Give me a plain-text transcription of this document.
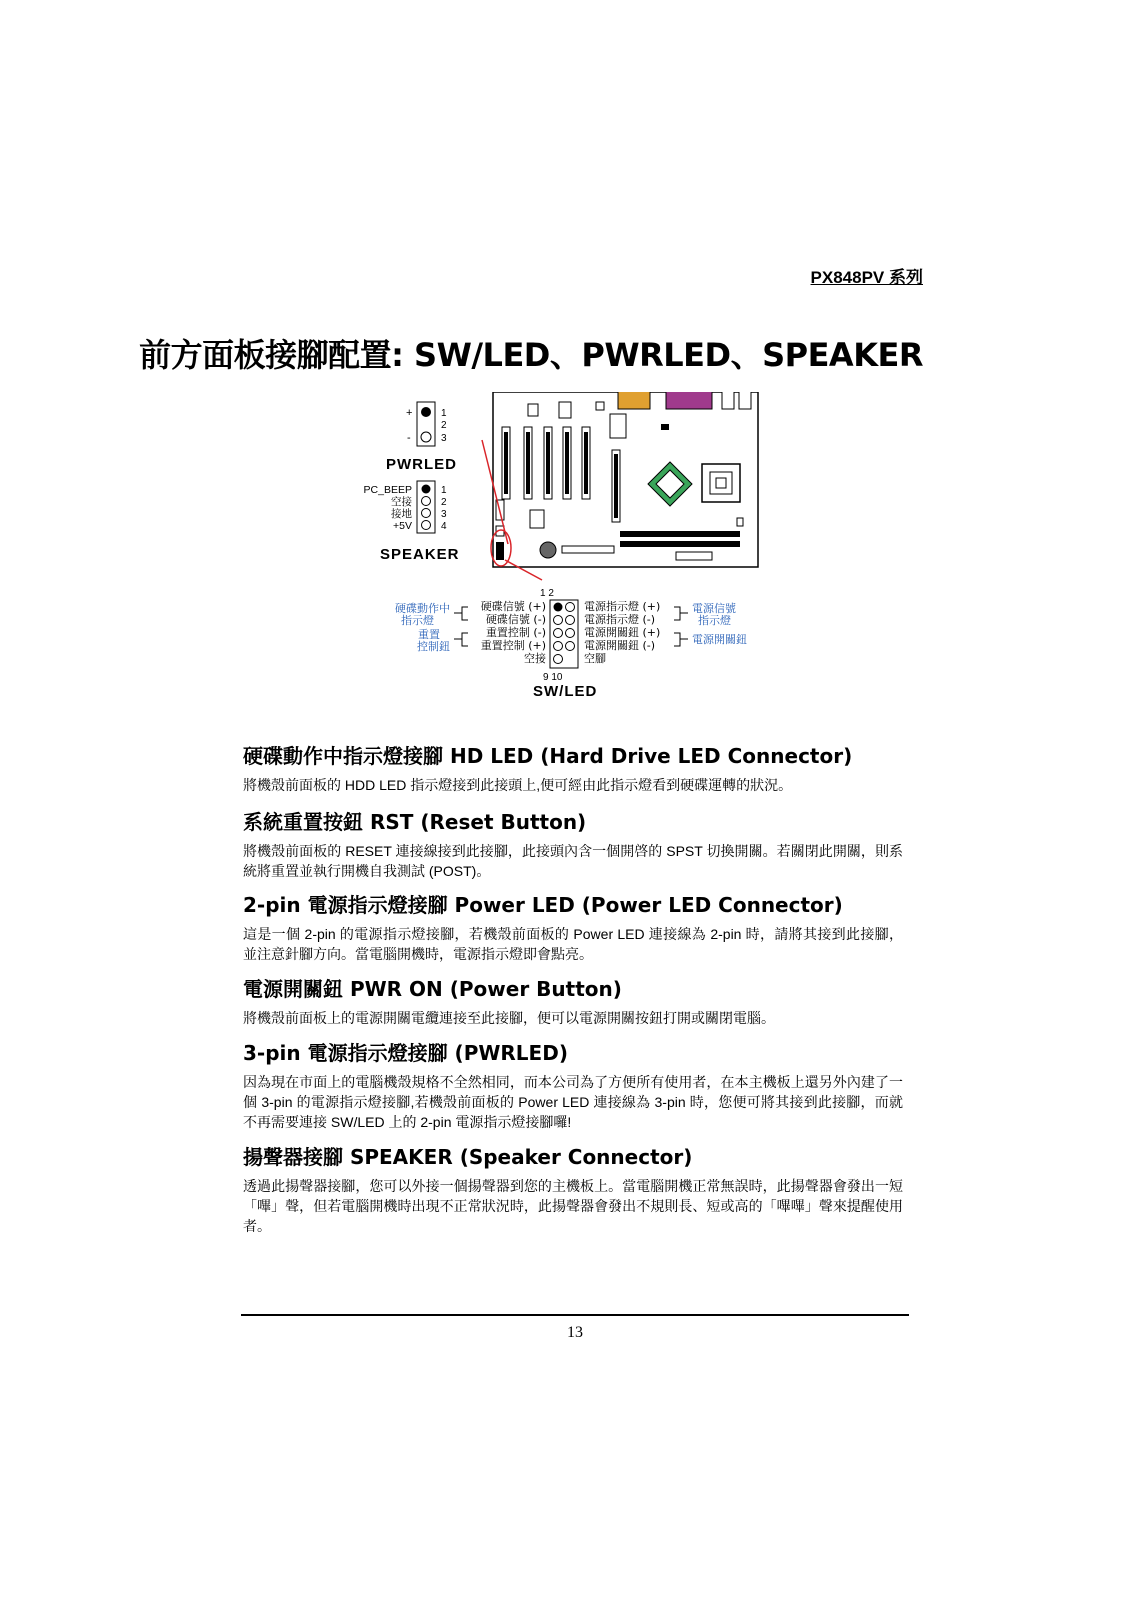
PX848PV 系列
前方面板接腳配置: SW/LED、PWRLED、SPEAKER
+
-
1
2
3
PWRLED
PC_BEEP
空接
接地
+5V
1
2
3
4
SPEAKER
1 2
9 10
SW/LED
硬碟信號 (+)
硬碟信號 (-)
重置控制 (-)
重置控制 (+)
空接
硬碟動作中
指示燈
重置
控制鈕
電源指示燈 (+)
電源指示燈 (-)
電源開關鈕 (+)
電源開關鈕 (-)
空腳
電源信號
指示燈
電源開關鈕
硬碟動作中指示燈接腳 HD LED (Hard Drive LED Connector)

將機殼前面板的 HDD LED 指示燈接到此接頭上,便可經由此指示燈看到硬碟運轉的狀況。

系統重置按鈕 RST (Reset Button)

將機殼前面板的 RESET 連接線接到此接腳，此接頭內含一個開啓的 SPST 切換開關。若關閉此開關，則系統將重置並執行開機自我測試 (POST)。

2-pin 電源指示燈接腳 Power LED (Power LED Connector)

這是一個 2-pin 的電源指示燈接腳，若機殼前面板的 Power LED 連接線為 2-pin 時，請將其接到此接腳，並注意針腳方向。當電腦開機時，電源指示燈即會點亮。

電源開關鈕 PWR ON (Power Button)

將機殼前面板上的電源開關電纜連接至此接腳，便可以電源開關按鈕打開或關閉電腦。

3-pin 電源指示燈接腳 (PWRLED)

因為現在市面上的電腦機殼規格不全然相同，而本公司為了方便所有使用者，在本主機板上還另外內建了一個 3-pin 的電源指示燈接腳,若機殼前面板的 Power LED 連接線為 3-pin 時，您便可將其接到此接腳，而就不再需要連接 SW/LED 上的 2-pin 電源指示燈接腳囉!

揚聲器接腳 SPEAKER (Speaker Connector)

透過此揚聲器接腳，您可以外接一個揚聲器到您的主機板上。當電腦開機正常無誤時，此揚聲器會發出一短「嗶」聲，但若電腦開機時出現不正常狀況時，此揚聲器會發出不規則長、短或高的「嗶嗶」聲來提醒使用者。

13
